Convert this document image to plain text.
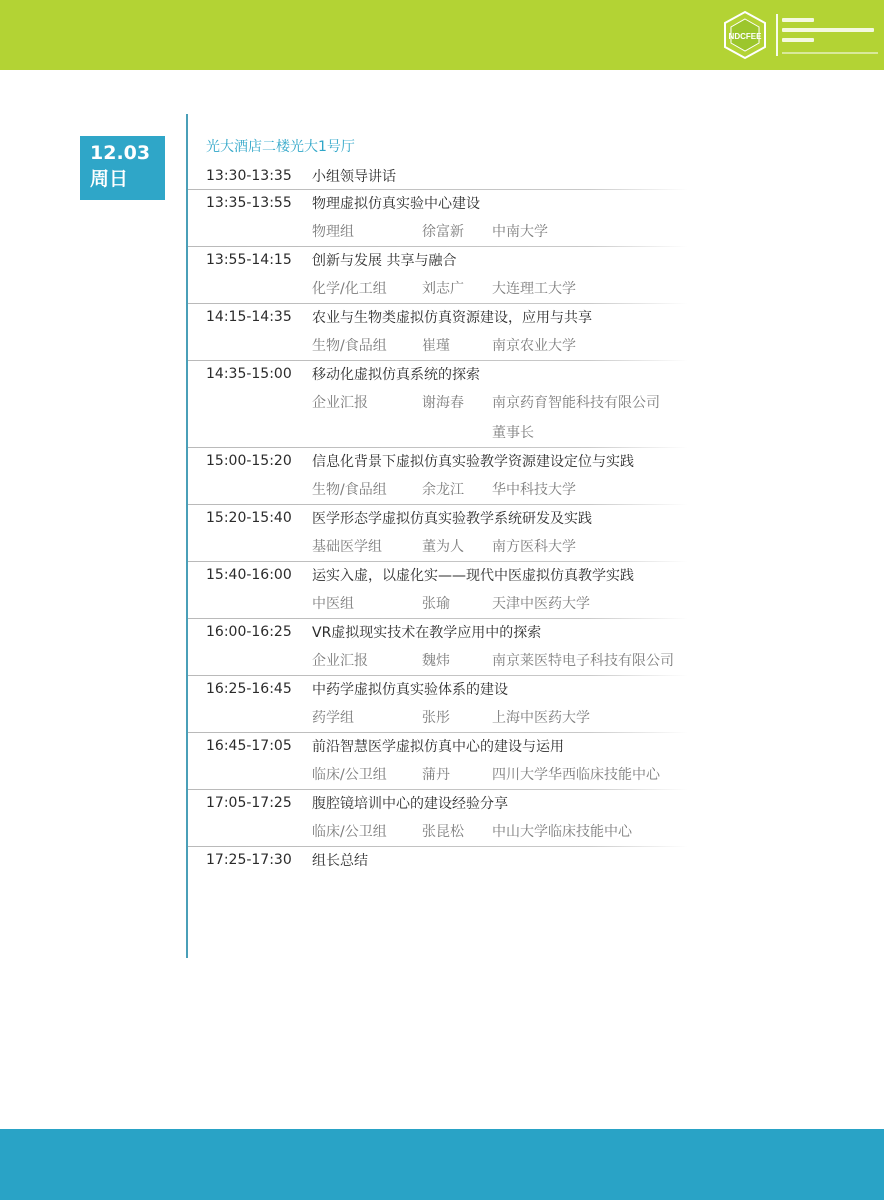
NDCFEE
12.03
周日
光大酒店二楼光大1号厅
13:30-13:35	小组领导讲话
13:35-13:55	物理虚拟仿真实验中心建设
物理组	徐富新	中南大学
13:55-14:15	创新与发展 共享与融合
化学/化工组	刘志广	大连理工大学
14:15-14:35	农业与生物类虚拟仿真资源建设，应用与共享
生物/食品组	崔瑾	南京农业大学
14:35-15:00	移动化虚拟仿真系统的探索
企业汇报	谢海春	南京药育智能科技有限公司
董事长
15:00-15:20	信息化背景下虚拟仿真实验教学资源建设定位与实践
生物/食品组	余龙江	华中科技大学
15:20-15:40	医学形态学虚拟仿真实验教学系统研发及实践
基础医学组	董为人	南方医科大学
15:40-16:00	运实入虚，以虚化实——现代中医虚拟仿真教学实践
中医组	张瑜	天津中医药大学
16:00-16:25	VR虚拟现实技术在教学应用中的探索
企业汇报	魏炜	南京莱医特电子科技有限公司
16:25-16:45	中药学虚拟仿真实验体系的建设
药学组	张彤	上海中医药大学
16:45-17:05	前沿智慧医学虚拟仿真中心的建设与运用
临床/公卫组	蒲丹	四川大学华西临床技能中心
17:05-17:25	腹腔镜培训中心的建设经验分享
临床/公卫组	张昆松	中山大学临床技能中心
17:25-17:30	组长总结
